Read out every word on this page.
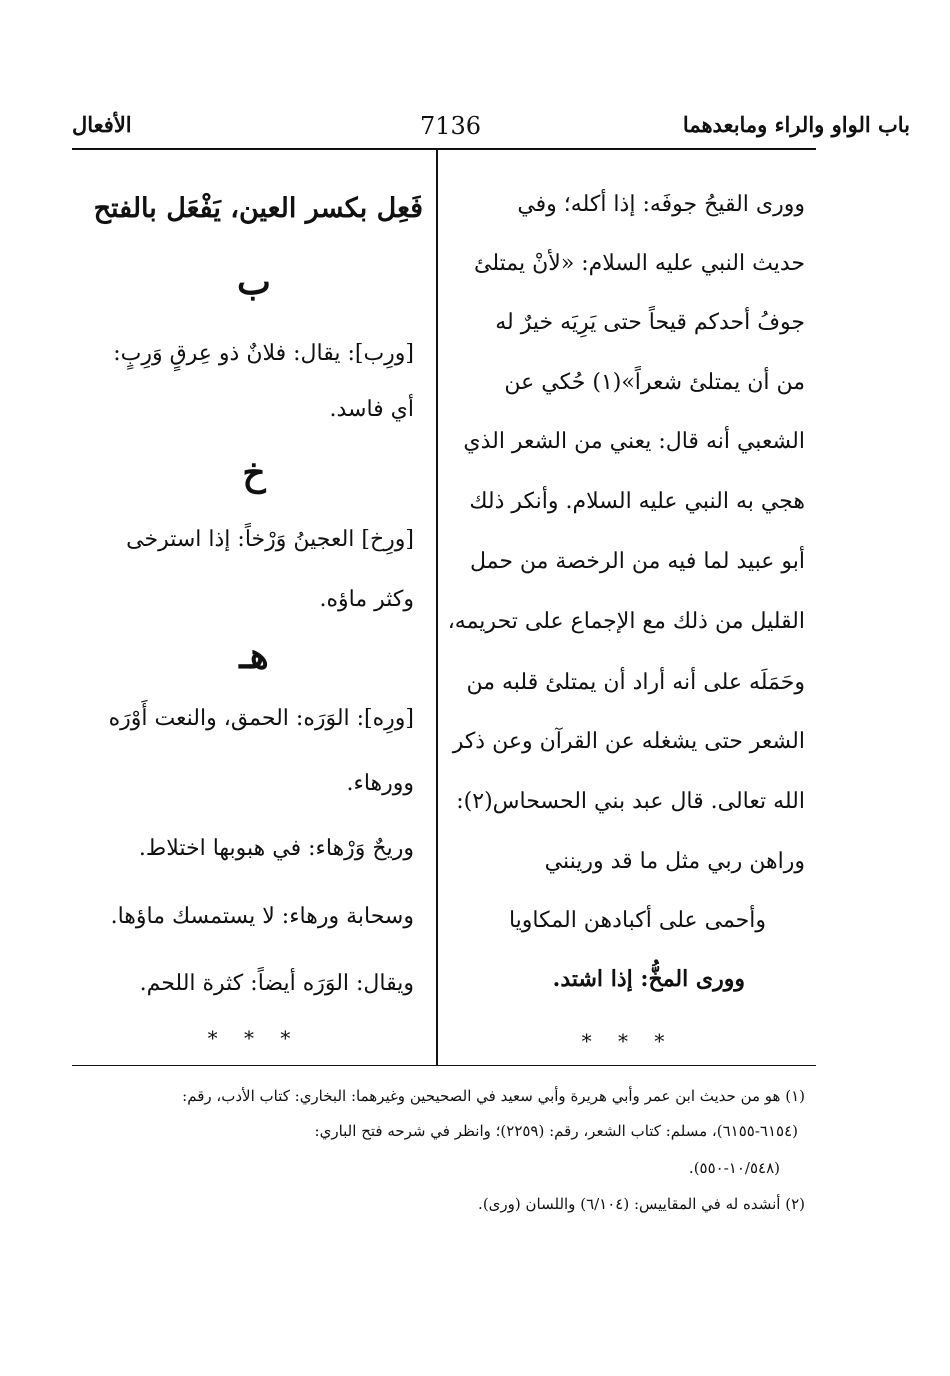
باب الواو والراء ومابعدهما
7136
الأفعال
وورى القيحُ جوفَه: إذا أكله؛ وفي
حديث النبي عليه السلام: «لأنْ يمتلئ
جوفُ أحدكم قيحاً حتى يَرِيَه خيرٌ له
من أن يمتلئ شعراً»(١) حُكي عن
الشعبي أنه قال: يعني من الشعر الذي
هجي به النبي عليه السلام. وأنكر ذلك
أبو عبيد لما فيه من الرخصة من حمل
القليل من ذلك مع الإجماع على تحريمه،
وحَمَلَه على أنه أراد أن يمتلئ قلبه من
الشعر حتى يشغله عن القرآن وعن ذكر
الله تعالى. قال عبد بني الحسحاس(٢):
وراهن ربي مثل ما قد ورينني
وأحمى على أكبادهن المكاويا
وورى المخُّ: إذا اشتد.
* * *
فَعِل بكسر العين، يَفْعَل بالفتح
ب
[ورِب]: يقال: فلانٌ ذو عِرقٍ وَرِبٍ:
أي فاسد.
خ
[ورِخ] العجينُ وَرْخاً: إذا استرخى
وكثر ماؤه.
هـ
[ورِه]: الوَرَه: الحمق، والنعت أَوْرَه
وورهاء.
وريحٌ وَرْهاء: في هبوبها اختلاط.
وسحابة ورهاء: لا يستمسك ماؤها.
ويقال: الوَرَه أيضاً: كثرة اللحم.
* * *
(١) هو من حديث ابن عمر وأبي هريرة وأبي سعيد في الصحيحين وغيرهما: البخاري: كتاب الأدب، رقم:
(٦١٥٤-٦١٥٥)، مسلم: كتاب الشعر، رقم: (٢٢٥٩)؛ وانظر في شرحه فتح الباري:
(١٠/٥٤٨-٥٥٠).
(٢) أنشده له في المقاييس: (٦/١٠٤) واللسان (ورى).
